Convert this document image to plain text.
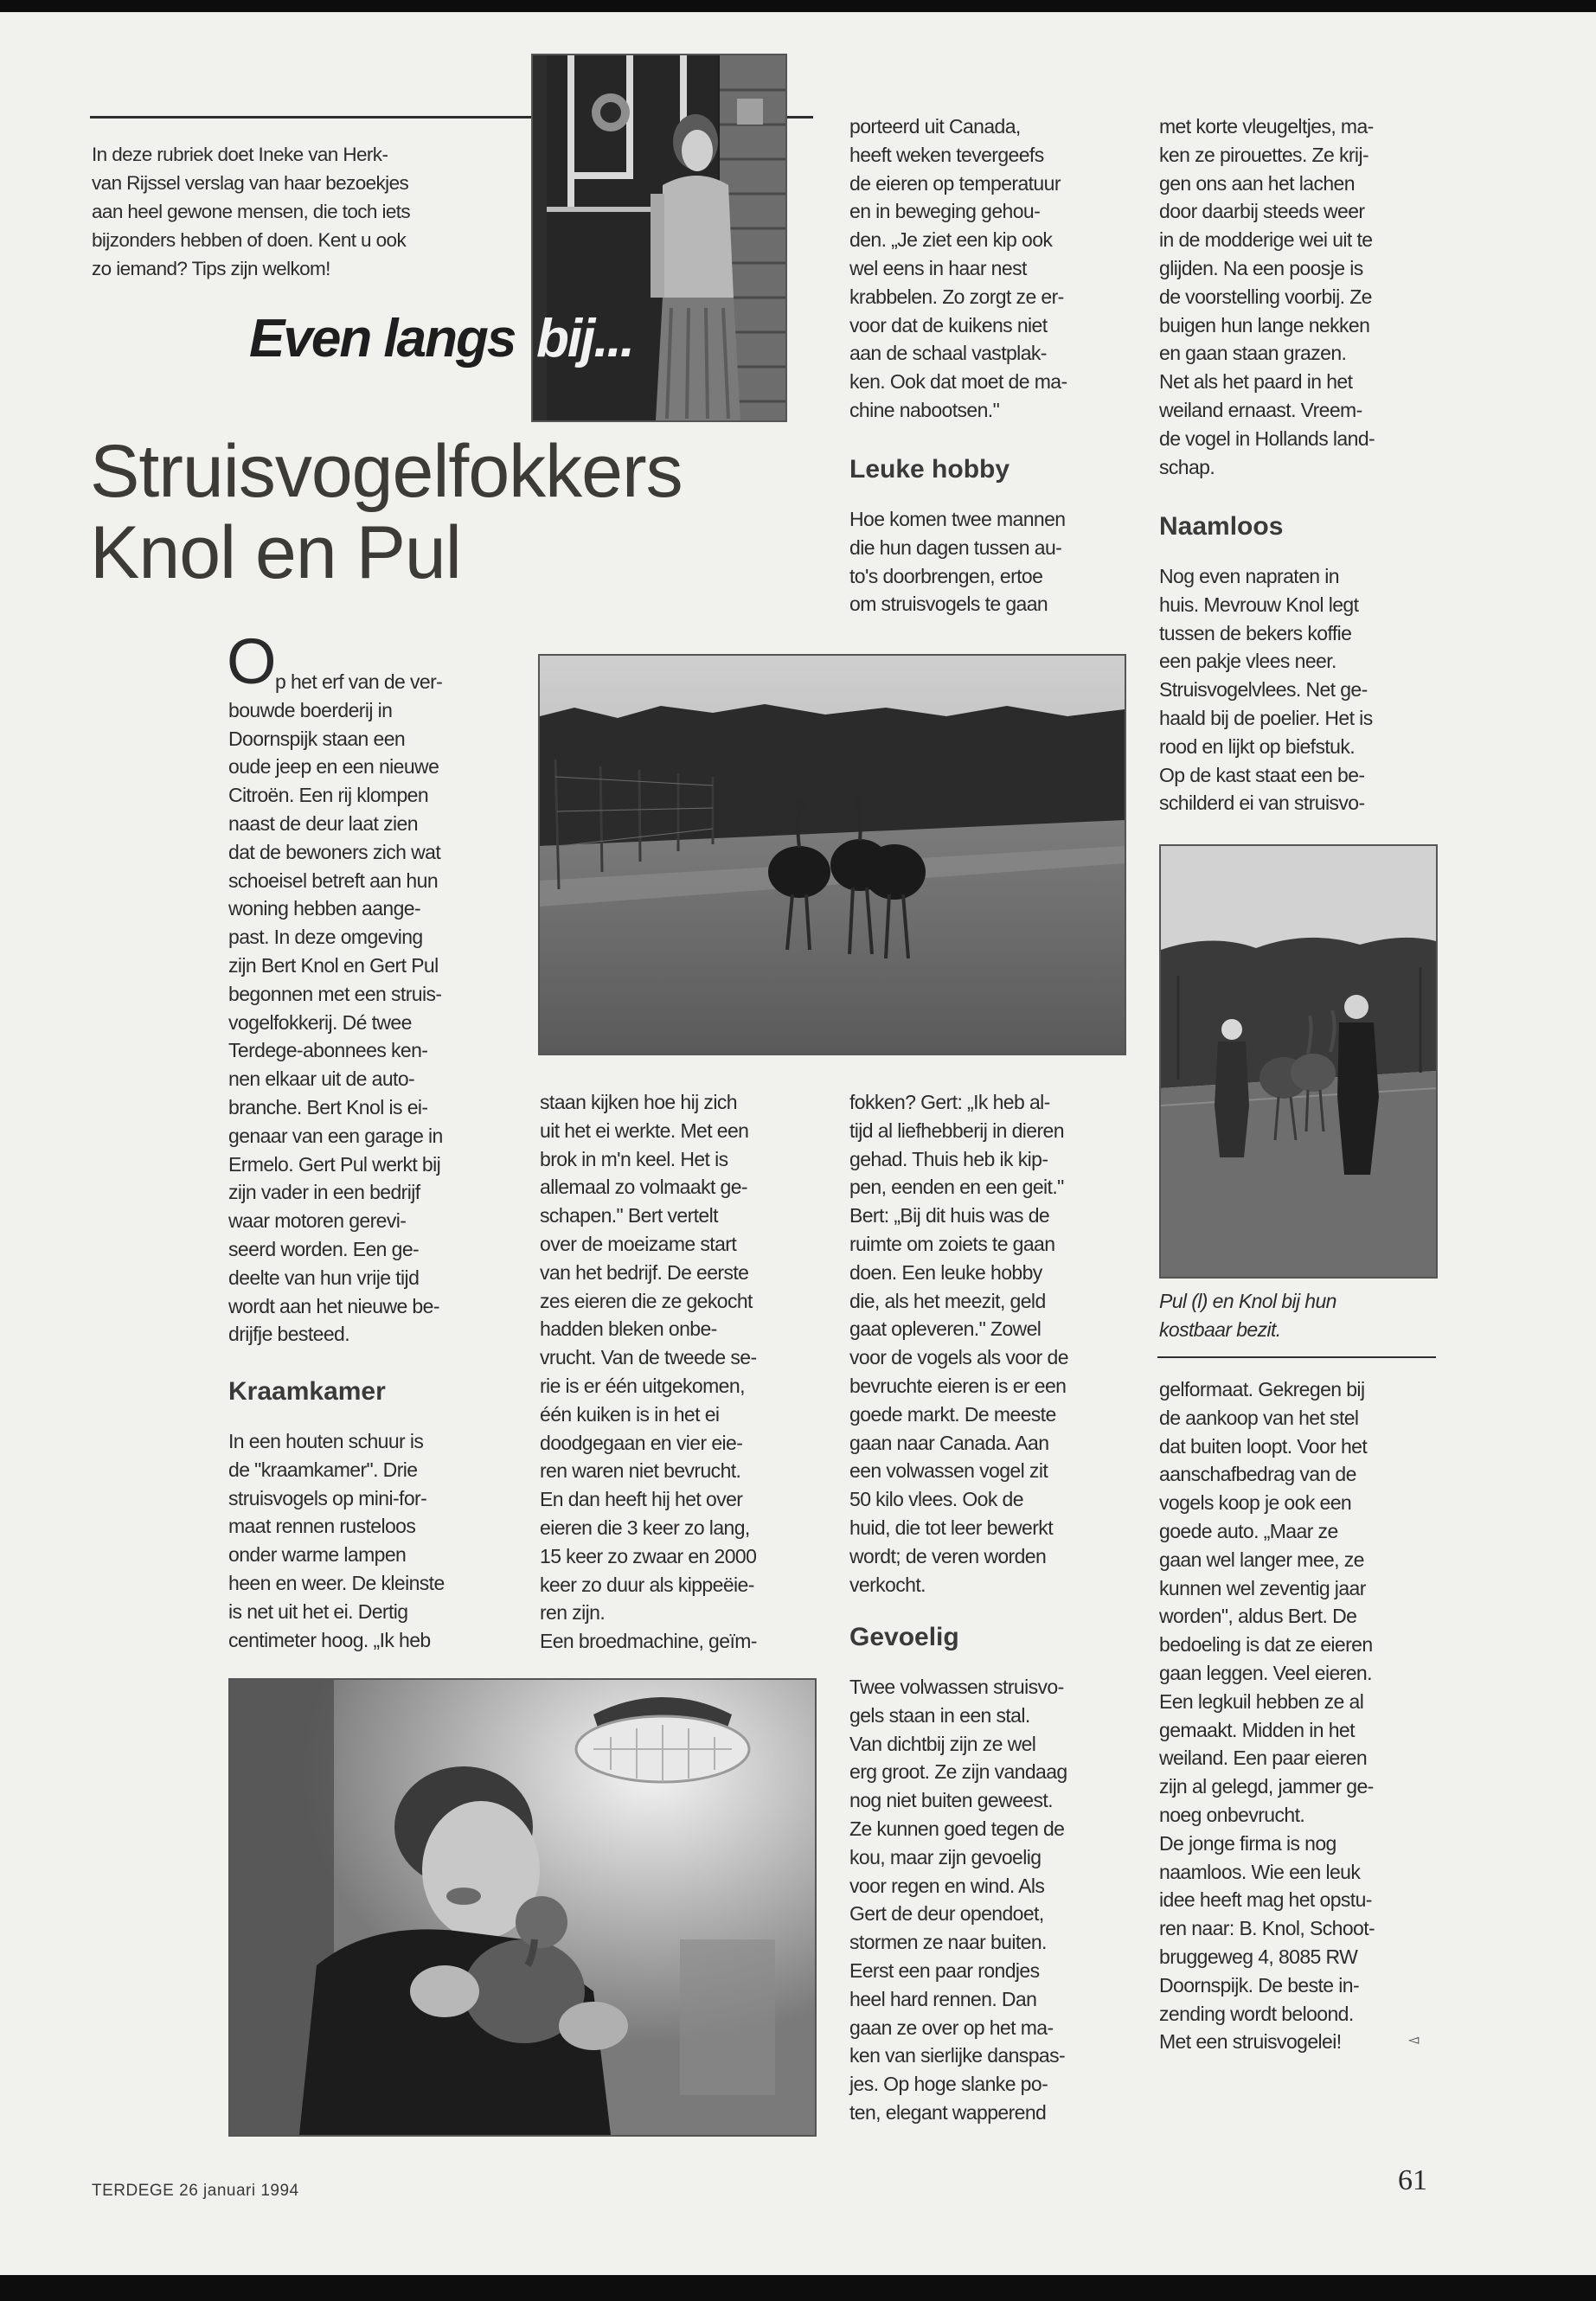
In deze rubriek doet Ineke van Herk-
van Rijssel verslag van haar bezoekjes
aan heel gewone mensen, die toch iets
bijzonders hebben of doen. Kent u ook
zo iemand? Tips zijn welkom!

Even langs bij...
Struisvogelfokkers
Knol en Pul
O

p het erf van de ver-
bouwde boerderij in
Doornspijk staan een
oude jeep en een nieuwe
Citroën. Een rij klompen
naast de deur laat zien
dat de bewoners zich wat
schoeisel betreft aan hun
woning hebben aange-
past. In deze omgeving
zijn Bert Knol en Gert Pul
begonnen met een struis-
vogelfokkerij. Dé twee
Terdege-abonnees ken-
nen elkaar uit de auto-
branche. Bert Knol is ei-
genaar van een garage in
Ermelo. Gert Pul werkt bij
zijn vader in een bedrijf
waar motoren gerevi-
seerd worden. Een ge-
deelte van hun vrije tijd
wordt aan het nieuwe be-
drijfje besteed.

Kraamkamer

In een houten schuur is
de "kraamkamer". Drie
struisvogels op mini-for-
maat rennen rusteloos
onder warme lampen
heen en weer. De kleinste
is net uit het ei. Dertig
centimeter hoog. „Ik heb

staan kijken hoe hij zich
uit het ei werkte. Met een
brok in m'n keel. Het is
allemaal zo volmaakt ge-
schapen." Bert vertelt
over de moeizame start
van het bedrijf. De eerste
zes eieren die ze gekocht
hadden bleken onbe-
vrucht. Van de tweede se-
rie is er één uitgekomen,
één kuiken is in het ei
doodgegaan en vier eie-
ren waren niet bevrucht.
En dan heeft hij het over
eieren die 3 keer zo lang,
15 keer zo zwaar en 2000
keer zo duur als kippeëie-
ren zijn.
Een broedmachine, geïm-

porteerd uit Canada,
heeft weken tevergeefs
de eieren op temperatuur
en in beweging gehou-
den. „Je ziet een kip ook
wel eens in haar nest
krabbelen. Zo zorgt ze er-
voor dat de kuikens niet
aan de schaal vastplak-
ken. Ook dat moet de ma-
chine nabootsen."

Leuke hobby

Hoe komen twee mannen
die hun dagen tussen au-
to's doorbrengen, ertoe
om struisvogels te gaan

fokken? Gert: „Ik heb al-
tijd al liefhebberij in dieren
gehad. Thuis heb ik kip-
pen, eenden en een geit."
Bert: „Bij dit huis was de
ruimte om zoiets te gaan
doen. Een leuke hobby
die, als het meezit, geld
gaat opleveren." Zowel
voor de vogels als voor de
bevruchte eieren is er een
goede markt. De meeste
gaan naar Canada. Aan
een volwassen vogel zit
50 kilo vlees. Ook de
huid, die tot leer bewerkt
wordt; de veren worden
verkocht.

Gevoelig

Twee volwassen struisvo-
gels staan in een stal.
Van dichtbij zijn ze wel
erg groot. Ze zijn vandaag
nog niet buiten geweest.
Ze kunnen goed tegen de
kou, maar zijn gevoelig
voor regen en wind. Als
Gert de deur opendoet,
stormen ze naar buiten.
Eerst een paar rondjes
heel hard rennen. Dan
gaan ze over op het ma-
ken van sierlijke danspas-
jes. Op hoge slanke po-
ten, elegant wapperend

met korte vleugeltjes, ma-
ken ze pirouettes. Ze krij-
gen ons aan het lachen
door daarbij steeds weer
in de modderige wei uit te
glijden. Na een poosje is
de voorstelling voorbij. Ze
buigen hun lange nekken
en gaan staan grazen.
Net als het paard in het
weiland ernaast. Vreem-
de vogel in Hollands land-
schap.

Naamloos

Nog even napraten in
huis. Mevrouw Knol legt
tussen de bekers koffie
een pakje vlees neer.
Struisvogelvlees. Net ge-
haald bij de poelier. Het is
rood en lijkt op biefstuk.
Op de kast staat een be-
schilderd ei van struisvo-

Pul (l) en Knol bij hun
kostbaar bezit.

gelformaat. Gekregen bij
de aankoop van het stel
dat buiten loopt. Voor het
aanschafbedrag van de
vogels koop je ook een
goede auto. „Maar ze
gaan wel langer mee, ze
kunnen wel zeventig jaar
worden", aldus Bert. De
bedoeling is dat ze eieren
gaan leggen. Veel eieren.
Een legkuil hebben ze al
gemaakt. Midden in het
weiland. Een paar eieren
zijn al gelegd, jammer ge-
noeg onbevrucht.
De jonge firma is nog
naamloos. Wie een leuk
idee heeft mag het opstu-
ren naar: B. Knol, Schoot-
bruggeweg 4, 8085 RW
Doornspijk. De beste in-
zending wordt beloond.
Met een struisvogelei!	◅
TERDEGE 26 januari 1994	61
